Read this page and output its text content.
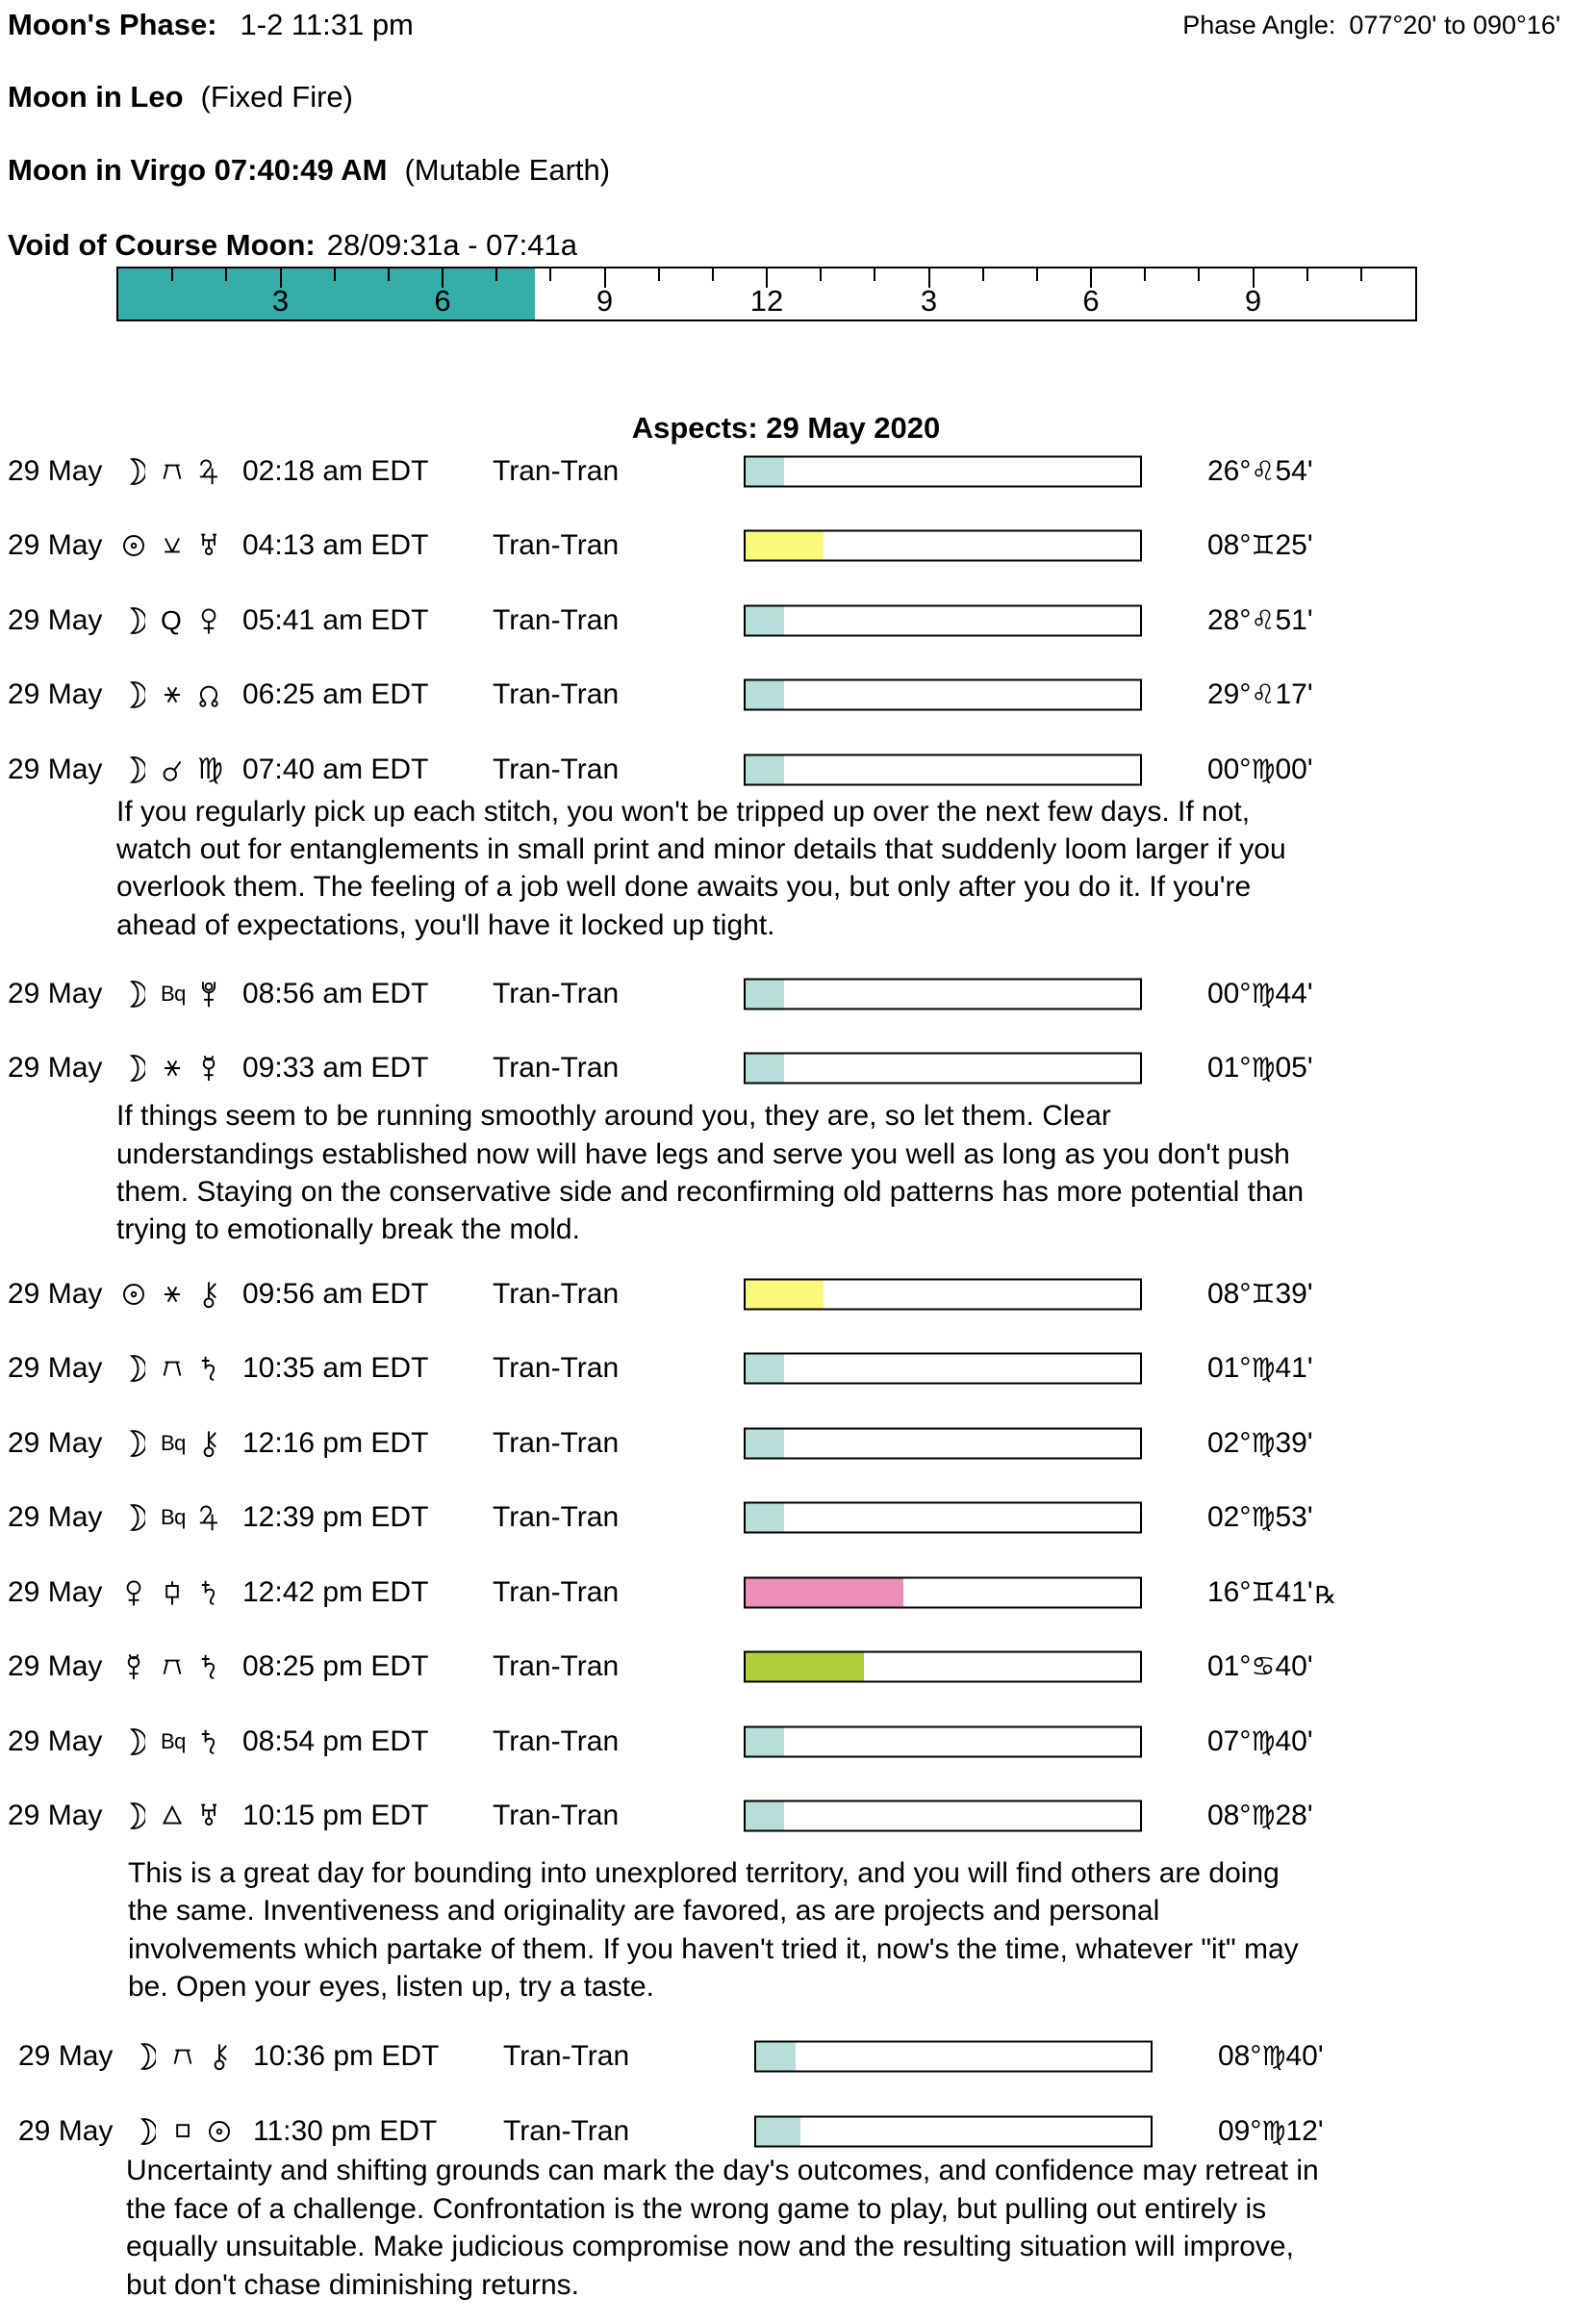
Moon's Phase: 1-2 11:31 pm	Phase Angle: 077°20' to 090°16'
Moon in Leo (Fixed Fire)
Moon in Virgo 07:40:49 AM (Mutable Earth)
Void of Course Moon: 28/09:31a - 07:41a
3	6	9	12	3	6	9
Aspects: 29 May 2020
29 May	02:18 am EDT Tran-Tran	26°♌54'
29 May	04:13 am EDT Tran-Tran	08°♊25'
29 May Q 05:41 am EDT Tran-Tran	28°♌51'
29 May	06:25 am EDT Tran-Tran	29°♌17'
29 May	♍ 07:40 am EDT Tran-Tran	00°♍00'
If you regularly pick up each stitch, you won't be tripped up over the next few days. If not,
watch out for entanglements in small print and minor details that suddenly loom larger if you
overlook them. The feeling of a job well done awaits you, but only after you do it. If you're
ahead of expectations, you'll have it locked up tight.
29 May	Bq 08:56 am EDT Tran-Tran	00°♍44'
29 May	09:33 am EDT Tran-Tran	01°♍05'
If things seem to be running smoothly around you, they are, so let them. Clear
understandings established now will have legs and serve you well as long as you don't push
them. Staying on the conservative side and reconfirming old patterns has more potential than
trying to emotionally break the mold.
29 May	09:56 am EDT Tran-Tran	08°♊39'
29 May	10:35 am EDT Tran-Tran	01°♍41'
29 May	Bq 12:16 pm EDT Tran-Tran	02°♍39'
29 May	Bq 12:39 pm EDT Tran-Tran	02°♍53'
29 May	12:42 pm EDT Tran-Tran	16°♊41'℞
29 May	08:25 pm EDT Tran-Tran	01°♋40'
29 May	Bq 08:54 pm EDT Tran-Tran	07°♍40'
29 May	10:15 pm EDT Tran-Tran	08°♍28'
This is a great day for bounding into unexplored territory, and you will find others are doing
the same. Inventiveness and originality are favored, as are projects and personal
involvements which partake of them. If you haven't tried it, now's the time, whatever "it" may
be. Open your eyes, listen up, try a taste.
29 May	10:36 pm EDT Tran-Tran	08°♍40'
29 May	11:30 pm EDT Tran-Tran	09°♍12'
Uncertainty and shifting grounds can mark the day's outcomes, and confidence may retreat in
the face of a challenge. Confrontation is the wrong game to play, but pulling out entirely is
equally unsuitable. Make judicious compromise now and the resulting situation will improve,
but don't chase diminishing returns.
